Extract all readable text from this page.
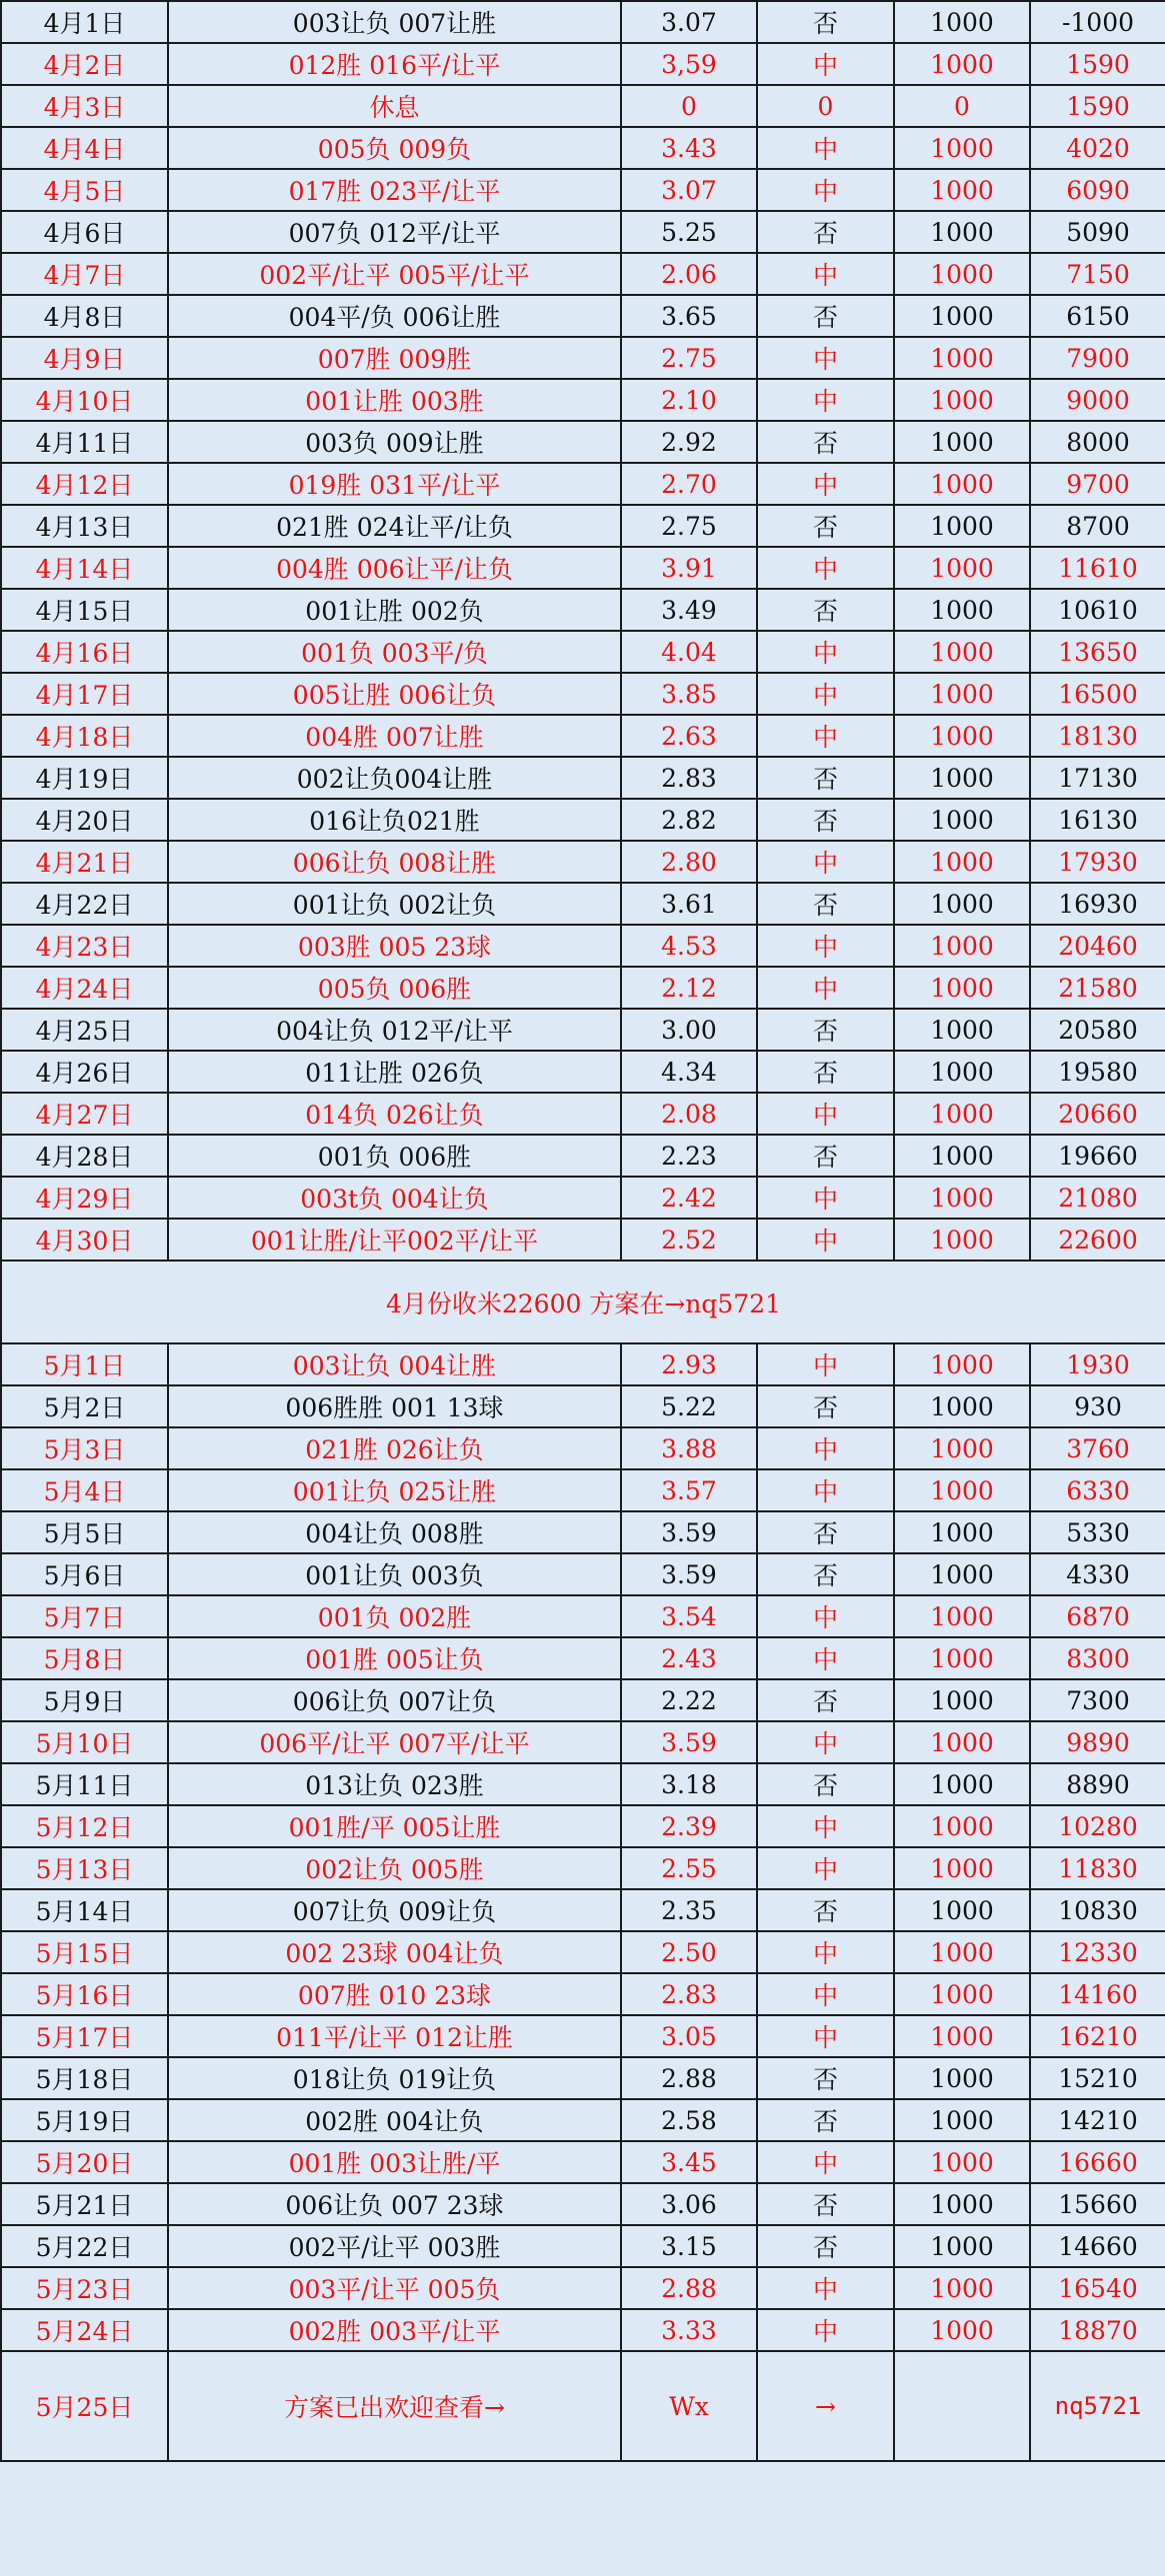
4月1日	003让负 007让胜	3.07	否	1000	-1000
4月2日	012胜 016平/让平	3,59	中	1000	1590
4月3日	休息	0	0	0	1590
4月4日	005负 009负	3.43	中	1000	4020
4月5日	017胜 023平/让平	3.07	中	1000	6090
4月6日	007负 012平/让平	5.25	否	1000	5090
4月7日	002平/让平 005平/让平	2.06	中	1000	7150
4月8日	004平/负 006让胜	3.65	否	1000	6150
4月9日	007胜 009胜	2.75	中	1000	7900
4月10日	001让胜 003胜	2.10	中	1000	9000
4月11日	003负 009让胜	2.92	否	1000	8000
4月12日	019胜 031平/让平	2.70	中	1000	9700
4月13日	021胜 024让平/让负	2.75	否	1000	8700
4月14日	004胜 006让平/让负	3.91	中	1000	11610
4月15日	001让胜 002负	3.49	否	1000	10610
4月16日	001负 003平/负	4.04	中	1000	13650
4月17日	005让胜 006让负	3.85	中	1000	16500
4月18日	004胜 007让胜	2.63	中	1000	18130
4月19日	002让负004让胜	2.83	否	1000	17130
4月20日	016让负021胜	2.82	否	1000	16130
4月21日	006让负 008让胜	2.80	中	1000	17930
4月22日	001让负 002让负	3.61	否	1000	16930
4月23日	003胜 005 23球	4.53	中	1000	20460
4月24日	005负 006胜	2.12	中	1000	21580
4月25日	004让负 012平/让平	3.00	否	1000	20580
4月26日	011让胜 026负	4.34	否	1000	19580
4月27日	014负 026让负	2.08	中	1000	20660
4月28日	001负 006胜	2.23	否	1000	19660
4月29日	003t负 004让负	2.42	中	1000	21080
4月30日	001让胜/让平002平/让平	2.52	中	1000	22600
4月份收米22600 方案在→nq5721					
5月1日	003让负 004让胜	2.93	中	1000	1930
5月2日	006胜胜 001 13球	5.22	否	1000	930
5月3日	021胜 026让负	3.88	中	1000	3760
5月4日	001让负 025让胜	3.57	中	1000	6330
5月5日	004让负 008胜	3.59	否	1000	5330
5月6日	001让负 003负	3.59	否	1000	4330
5月7日	001负 002胜	3.54	中	1000	6870
5月8日	001胜 005让负	2.43	中	1000	8300
5月9日	006让负 007让负	2.22	否	1000	7300
5月10日	006平/让平 007平/让平	3.59	中	1000	9890
5月11日	013让负 023胜	3.18	否	1000	8890
5月12日	001胜/平 005让胜	2.39	中	1000	10280
5月13日	002让负 005胜	2.55	中	1000	11830
5月14日	007让负 009让负	2.35	否	1000	10830
5月15日	002 23球 004让负	2.50	中	1000	12330
5月16日	007胜 010 23球	2.83	中	1000	14160
5月17日	011平/让平 012让胜	3.05	中	1000	16210
5月18日	018让负 019让负	2.88	否	1000	15210
5月19日	002胜 004让负	2.58	否	1000	14210
5月20日	001胜 003让胜/平	3.45	中	1000	16660
5月21日	006让负 007 23球	3.06	否	1000	15660
5月22日	002平/让平 003胜	3.15	否	1000	14660
5月23日	003平/让平 005负	2.88	中	1000	16540
5月24日	002胜 003平/让平	3.33	中	1000	18870
5月25日	方案已出欢迎查看→	Wx	→		nq5721
